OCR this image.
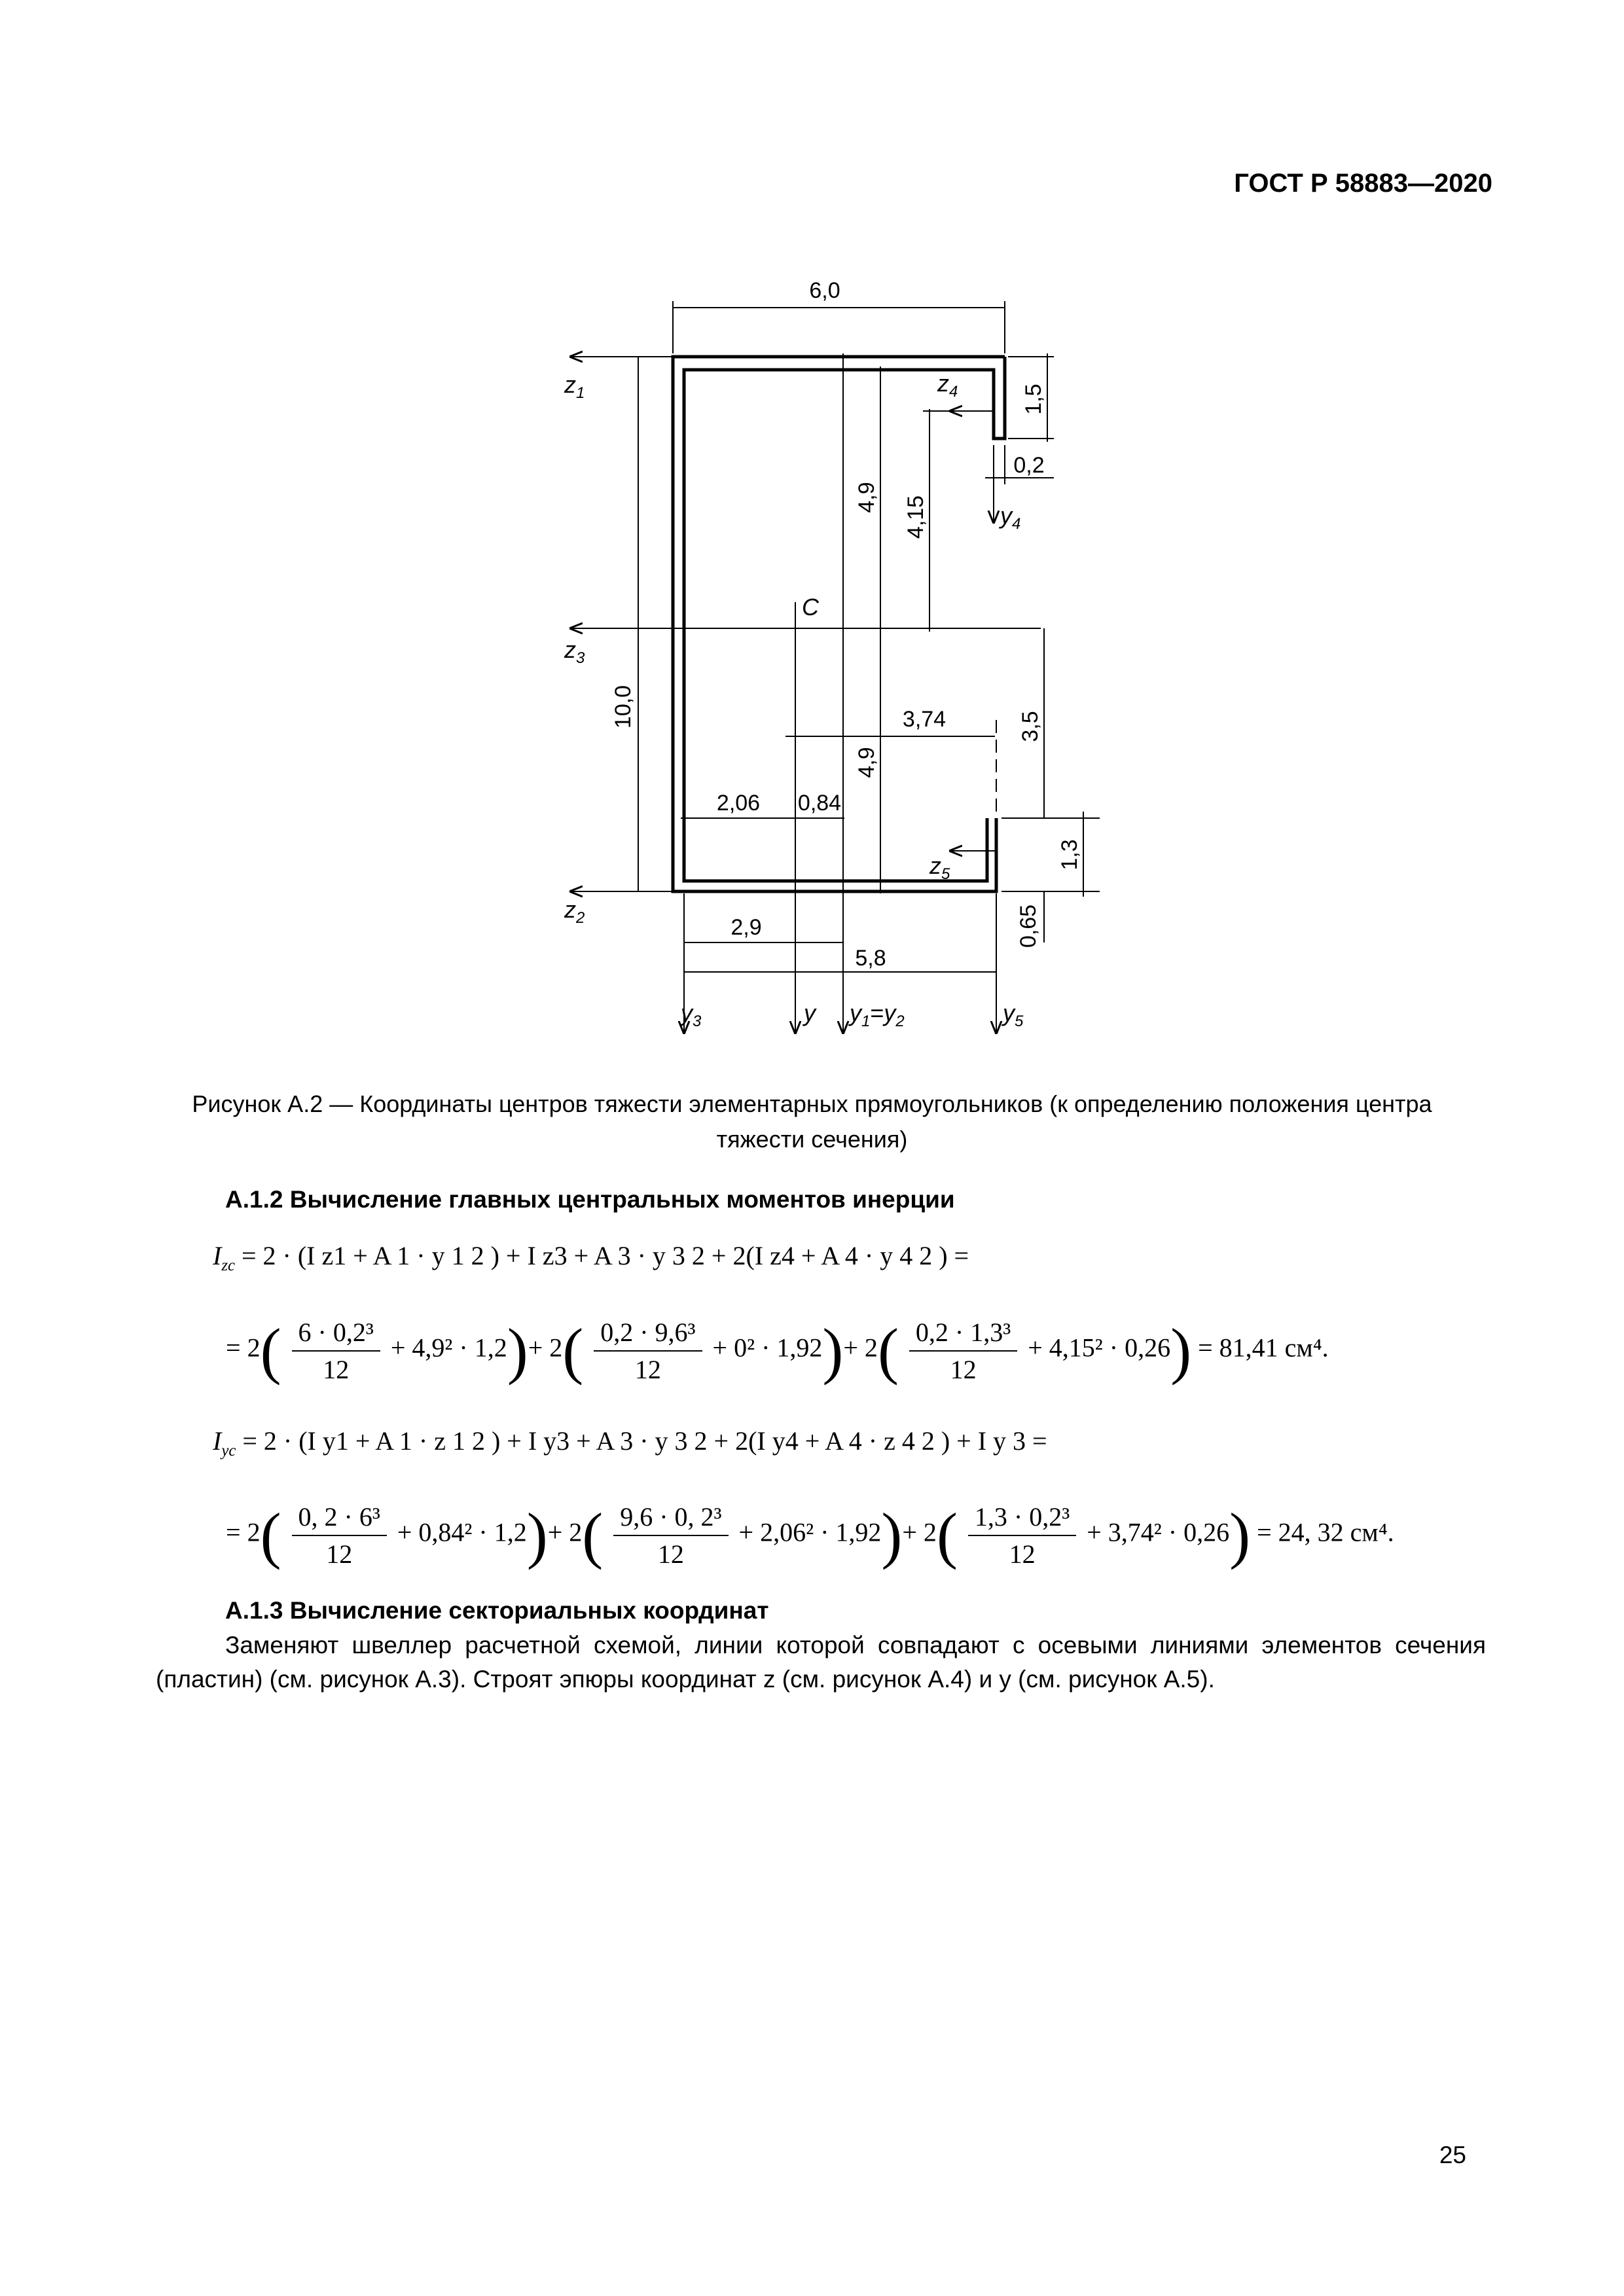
ГОСТ Р 58883—2020
6,0
1,5
0,2
4,9 4,15
10,0
4,9
3,74	3,5
2,06 0,84
1,3
0,65
2,9
5,8
$z_1$
$z_3$
$z_2$
$z_4$
$z_5$
C
$y_4$
$y_3$	y $y_1=y_2$	$y_5$
Рисунок А.2 — Координаты центров тяжести элементарных прямоугольников (к определению положения центра тяжести сечения)
А.1.2 Вычисление главных центральных моментов инерции
$I_{zc} = 2 \cdot (I$ z1 + A 1 · y 1 2 ) + I z3 + A 3 · y 3 2 + 2(I z4 + A 4 · y 4 2 ) =
= $2( \frac{\text{6 · 0,2³}}{12} + 4,9^2 \cdot 1,2)+ 2( \frac{\text{0,2 · 9,6³}}{12} + 0^2 \cdot 1,92)+ 2( \frac{\text{0,2 · 1,3³}}{12} + 4,15^2 \cdot 0,26) = 81,41$ см⁴.
$I_{yc} = 2 \cdot (I$ y1 + A 1 · z 1 2 ) + I y3 + A 3 · y 3 2 + 2(I y4 + A 4 · z 4 2 ) + I y 3 =
= $2( \frac{\text{0, 2 · 6³}}{12} + 0,84^2 \cdot 1,2)+ 2( \frac{\text{9,6 · 0, 2³}}{12} + 2,06^2 \cdot 1,92)+ 2( \frac{\text{1,3 · 0,2³}}{12} + 3,74^2 \cdot 0,26) = 24$, 32 см⁴.
А.1.3 Вычисление секториальных координат
Заменяют швеллер расчетной схемой, линии которой совпадают с осевыми линиями элементов сечения (пластин) (см. рисунок А.3). Строят эпюры координат z (см. рисунок А.4) и y (см. рисунок А.5).
25
